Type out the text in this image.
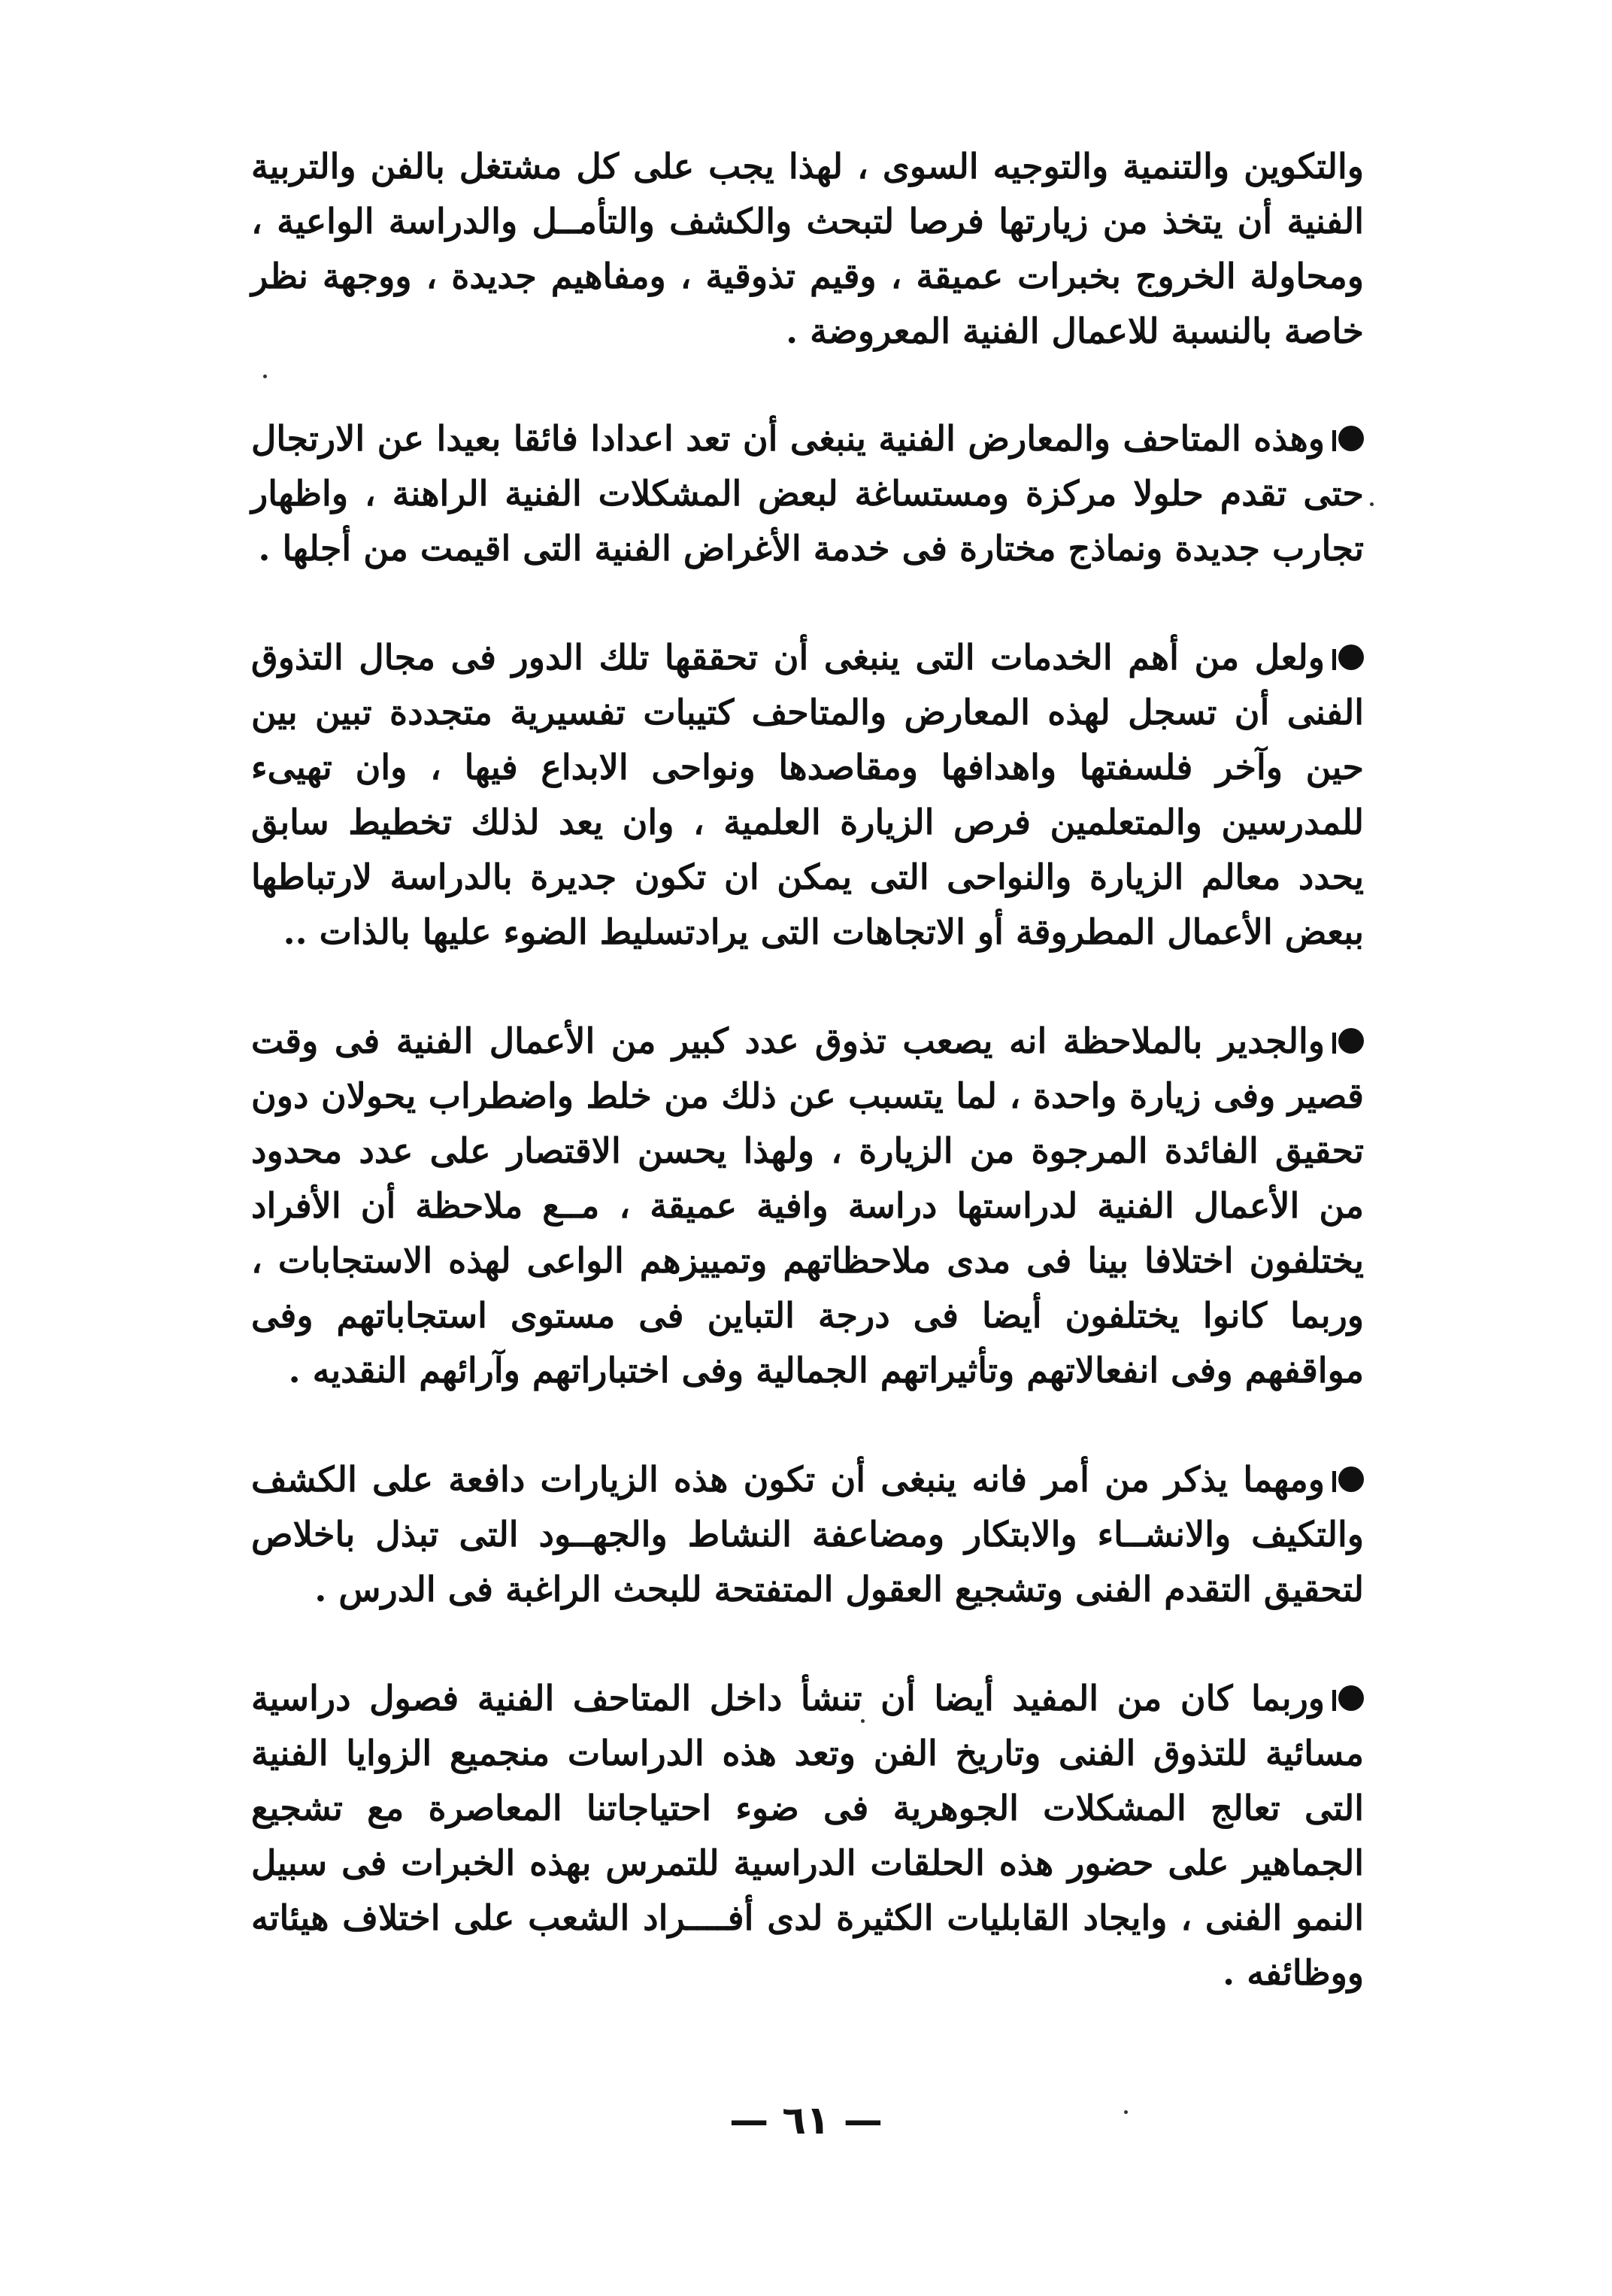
والتكوين والتنمية والتوجيه السوى ، لهذا يجب على كل مشتغل بالفن والتربية الفنية أن يتخذ من زيارتها فرصا لتبحث والكشف والتأمــل والدراسة الواعية ، ومحاولة الخروج بخبرات عميقة ، وقيم تذوقية ، ومفاهيم جديدة ، ووجهة نظر خاصة بالنسبة للاعمال الفنية المعروضة .

وهذه المتاحف والمعارض الفنية ينبغى أن تعد اعدادا فائقا بعيدا عن الارتجال حتى تقدم حلولا مركزة ومستساغة لبعض المشكلات الفنية الراهنة ، واظهار تجارب جديدة ونماذج مختارة فى خدمة الأغراض الفنية التى اقيمت من أجلها .

ولعل من أهم الخدمات التى ينبغى أن تحققها تلك الدور فى مجال التذوق الفنى أن تسجل لهذه المعارض والمتاحف كتيبات تفسيرية متجددة تبين بين حين وآخر فلسفتها واهدافها ومقاصدها ونواحى الابداع فيها ، وان تهيىء للمدرسين والمتعلمين فرص الزيارة العلمية ، وان يعد لذلك تخطيط سابق يحدد معالم الزيارة والنواحى التى يمكن ان تكون جديرة بالدراسة لارتباطها ببعض الأعمال المطروقة أو الاتجاهات التى يرادتسليط الضوء عليها بالذات ..

والجدير بالملاحظة انه يصعب تذوق عدد كبير من الأعمال الفنية فى وقت قصير وفى زيارة واحدة ، لما يتسبب عن ذلك من خلط واضطراب يحولان دون تحقيق الفائدة المرجوة من الزيارة ، ولهذا يحسن الاقتصار على عدد محدود من الأعمال الفنية لدراستها دراسة وافية عميقة ، مــع ملاحظة أن الأفراد يختلفون اختلافا بينا فى مدى ملاحظاتهم وتمييزهم الواعى لهذه الاستجابات ، وربما كانوا يختلفون أيضا فى درجة التباين فى مستوى استجاباتهم وفى مواقفهم وفى انفعالاتهم وتأثيراتهم الجمالية وفى اختباراتهم وآرائهم النقديه .

ومهما يذكر من أمر فانه ينبغى أن تكون هذه الزيارات دافعة على الكشف والتكيف والانشــاء والابتكار ومضاعفة النشاط والجهــود التى تبذل باخلاص لتحقيق التقدم الفنى وتشجيع العقول المتفتحة للبحث الراغبة فى الدرس .

وربما كان من المفيد أيضا أن تنشأ داخل المتاحف الفنية فصول دراسية مسائية للتذوق الفنى وتاريخ الفن وتعد هذه الدراسات منجميع الزوايا الفنية التى تعالج المشكلات الجوهرية فى ضوء احتياجاتنا المعاصرة مع تشجيع الجماهير على حضور هذه الحلقات الدراسية للتمرس بهذه الخبرات فى سبيل النمو الفنى ، وايجاد القابليات الكثيرة لدى أفــــراد الشعب على اختلاف هيئاته ووظائفه .

— ٦١ —
